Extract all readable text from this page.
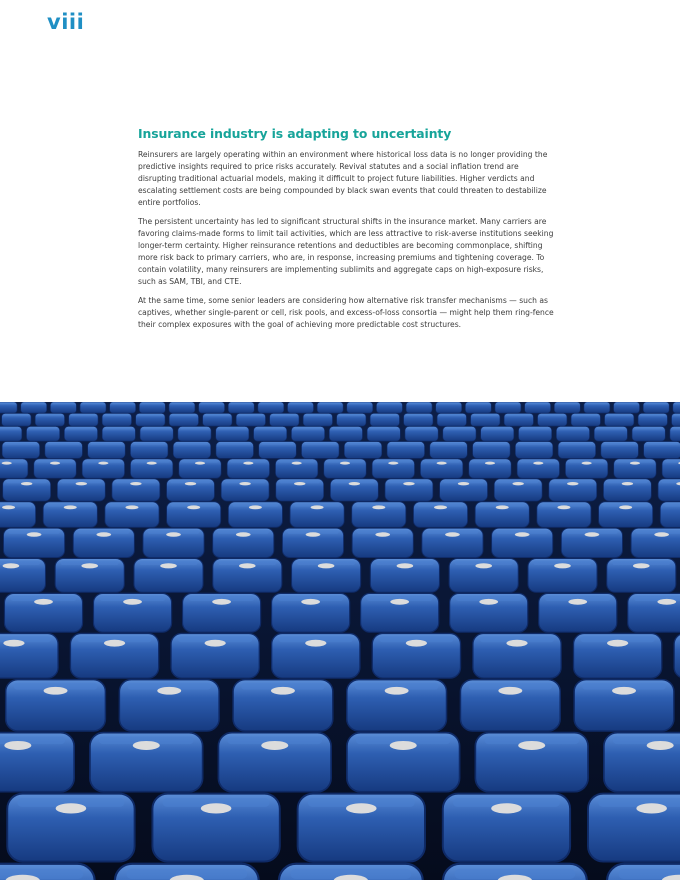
viii
Insurance industry is adapting to uncertainty

Reinsurers are largely operating within an environment where historical loss data is no longer providing the predictive insights required to price risks accurately. Revival statutes and a social inflation trend are disrupting traditional actuarial models, making it difficult to project future liabilities. Higher verdicts and escalating settlement costs are being compounded by black swan events that could threaten to destabilize entire portfolios.

The persistent uncertainty has led to significant structural shifts in the insurance market. Many carriers are favoring claims-made forms to limit tail activities, which are less attractive to risk-averse institutions seeking longer-term certainty. Higher reinsurance retentions and deductibles are becoming commonplace, shifting more risk back to primary carriers, who are, in response, increasing premiums and tightening coverage. To contain volatility, many reinsurers are implementing sublimits and aggregate caps on high-exposure risks, such as SAM, TBI, and CTE.

At the same time, some senior leaders are considering how alternative risk transfer mechanisms — such as captives, whether single-parent or cell, risk pools, and excess-of-loss consortia — might help them ring-fence their complex exposures with the goal of achieving more predictable cost structures.
